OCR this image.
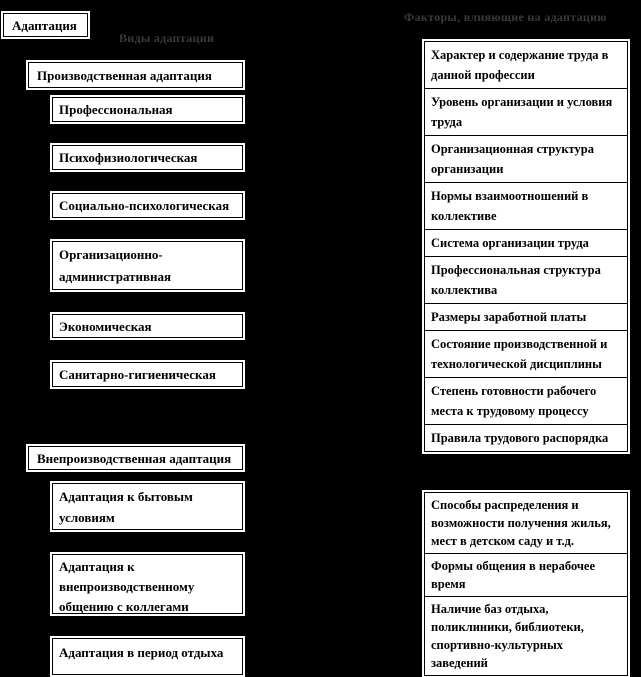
Адаптация
Виды адаптации
Факторы, влияющие на адаптацию
Производственная адаптация
Профессиональная
Психофизиологическая
Социально-психологическая
Организационно-административная
Экономическая
Санитарно-гигиеническая
Внепроизводственная адаптация
Адаптация к бытовым условиям
Адаптация к внепроизводственному общению с коллегами
Адаптация в период отдыха
Характер и содержание труда в данной профессии
Уровень организации и условия труда
Организационная структура организации
Нормы взаимоотношений в коллективе
Система организации труда
Профессиональная структура коллектива
Размеры заработной платы
Состояние производственной и технологической дисциплины
Степень готовности рабочего места к трудовому процессу
Правила трудового распорядка
Способы распределения и возможности получения жилья, мест в детском саду и т.д.
Формы общения в нерабочее время
Наличие баз отдыха, поликлиники, библиотеки, спортивно-культурных заведений
